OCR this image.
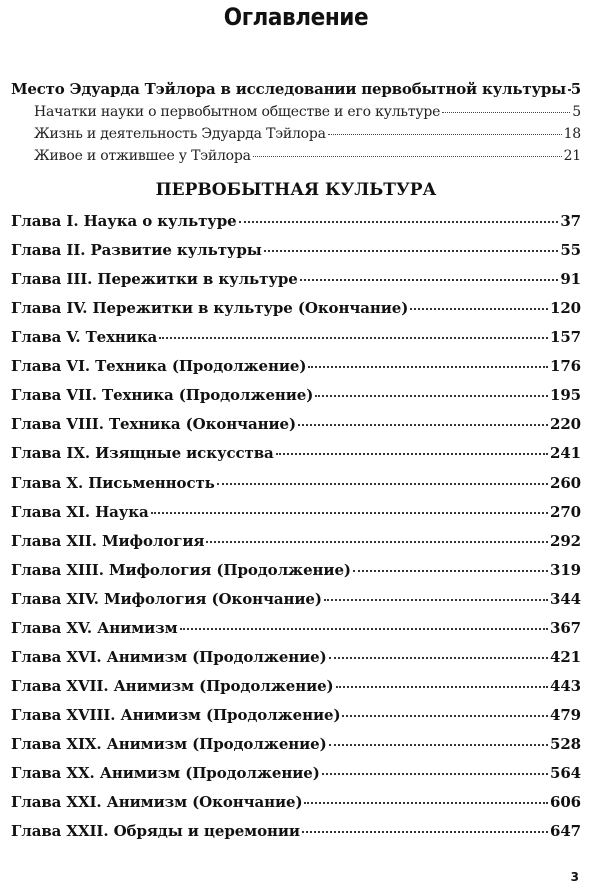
Оглавление
Место Эдуарда Тэйлора в исследовании первобытной культуры 5
Начатки науки о первобытном обществе и его культуре	5
Жизнь и деятельность Эдуарда Тэйлора	18
Живое и отжившее у Тэйлора	21
ПЕРВОБЫТНАЯ КУЛЬТУРА
Глава I. Наука о культуре	37
Глава II. Развитие культуры	55
Глава III. Пережитки в культуре	91
Глава IV. Пережитки в культуре (Окончание)	120
Глава V. Техника	157
Глава VI. Техника (Продолжение)	176
Глава VII. Техника (Продолжение)	195
Глава VIII. Техника (Окончание)	220
Глава IX. Изящные искусства	241
Глава X. Письменность	260
Глава XI. Наука	270
Глава XII. Мифология	292
Глава XIII. Мифология (Продолжение)	319
Глава XIV. Мифология (Окончание)	344
Глава XV. Анимизм	367
Глава XVI. Анимизм (Продолжение)	421
Глава XVII. Анимизм (Продолжение)	443
Глава XVIII. Анимизм (Продолжение)	479
Глава XIX. Анимизм (Продолжение)	528
Глава XX. Анимизм (Продолжение)	564
Глава XXI. Анимизм (Окончание)	606
Глава XXII. Обряды и церемонии	647
3
